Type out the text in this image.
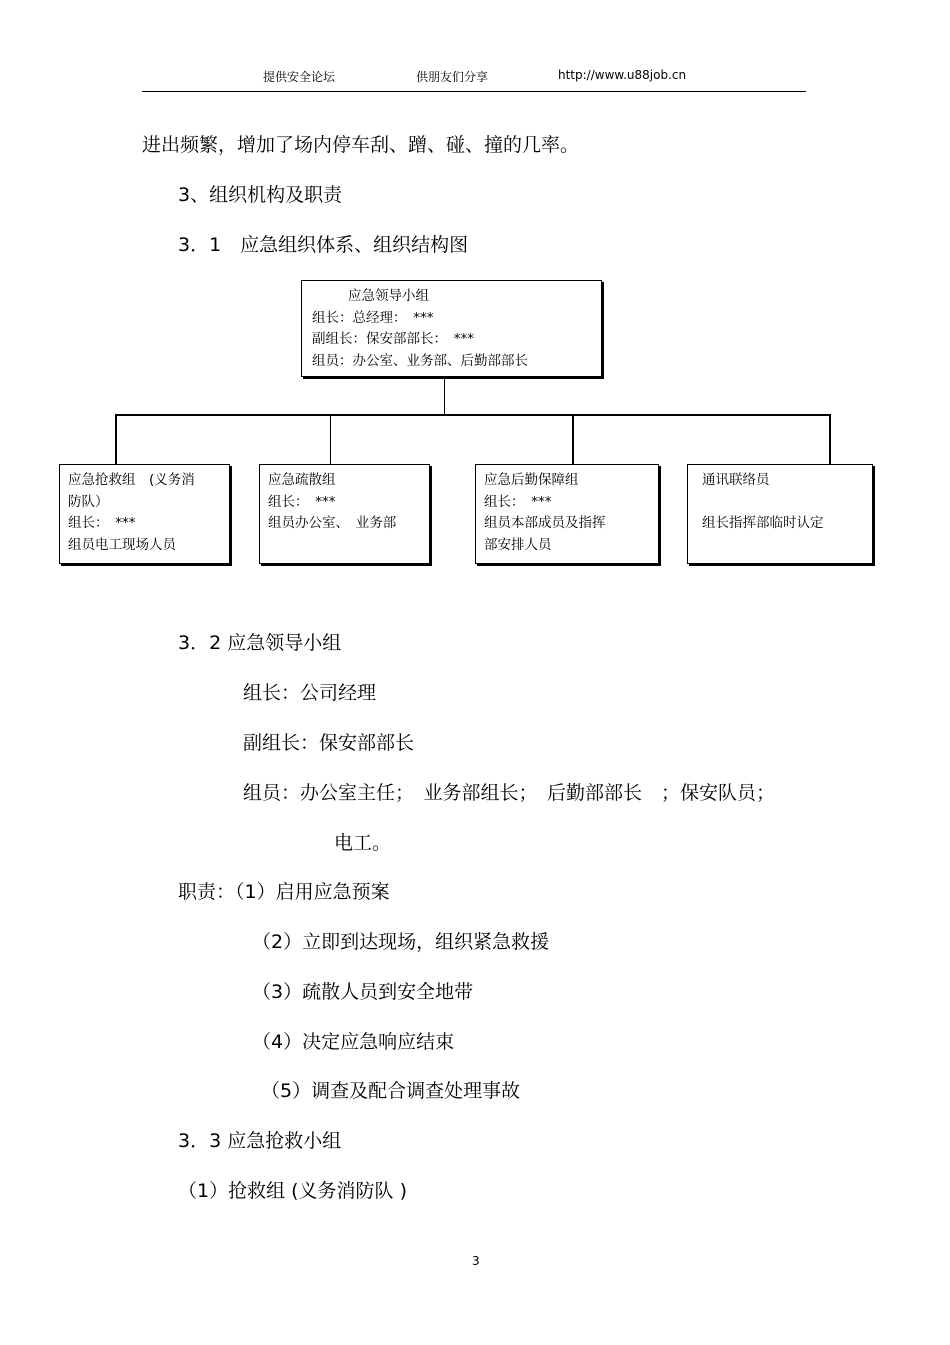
提供安全论坛	供朋友们分享	http://www.u88job.cn
进出频繁，增加了场内停车刮、蹭、碰、撞的几率。
3、组织机构及职责
3．1　应急组织体系、组织结构图
应急领导小组
组长：总经理：　***
副组长：保安部部长：　***
组员：办公室、业务部、后勤部部长
应急抢救组　(义务消
防队）
组长：　***
组员电工现场人员
应急疏散组
组长：　***
组员办公室、　业务部
应急后勤保障组
组长：　***
组员本部成员及指挥
部安排人员
通讯联络员
组长指挥部临时认定
3．2 应急领导小组
组长：公司经理
副组长：保安部部长
组员：办公室主任；　业务部组长；　后勤部部长　；保安队员；
电工。
职责：（1）启用应急预案
（2）立即到达现场，组织紧急救援
（3）疏散人员到安全地带
（4）决定应急响应结束
（5）调查及配合调查处理事故
3．3 应急抢救小组
（1）抢救组 (义务消防队 )
3
